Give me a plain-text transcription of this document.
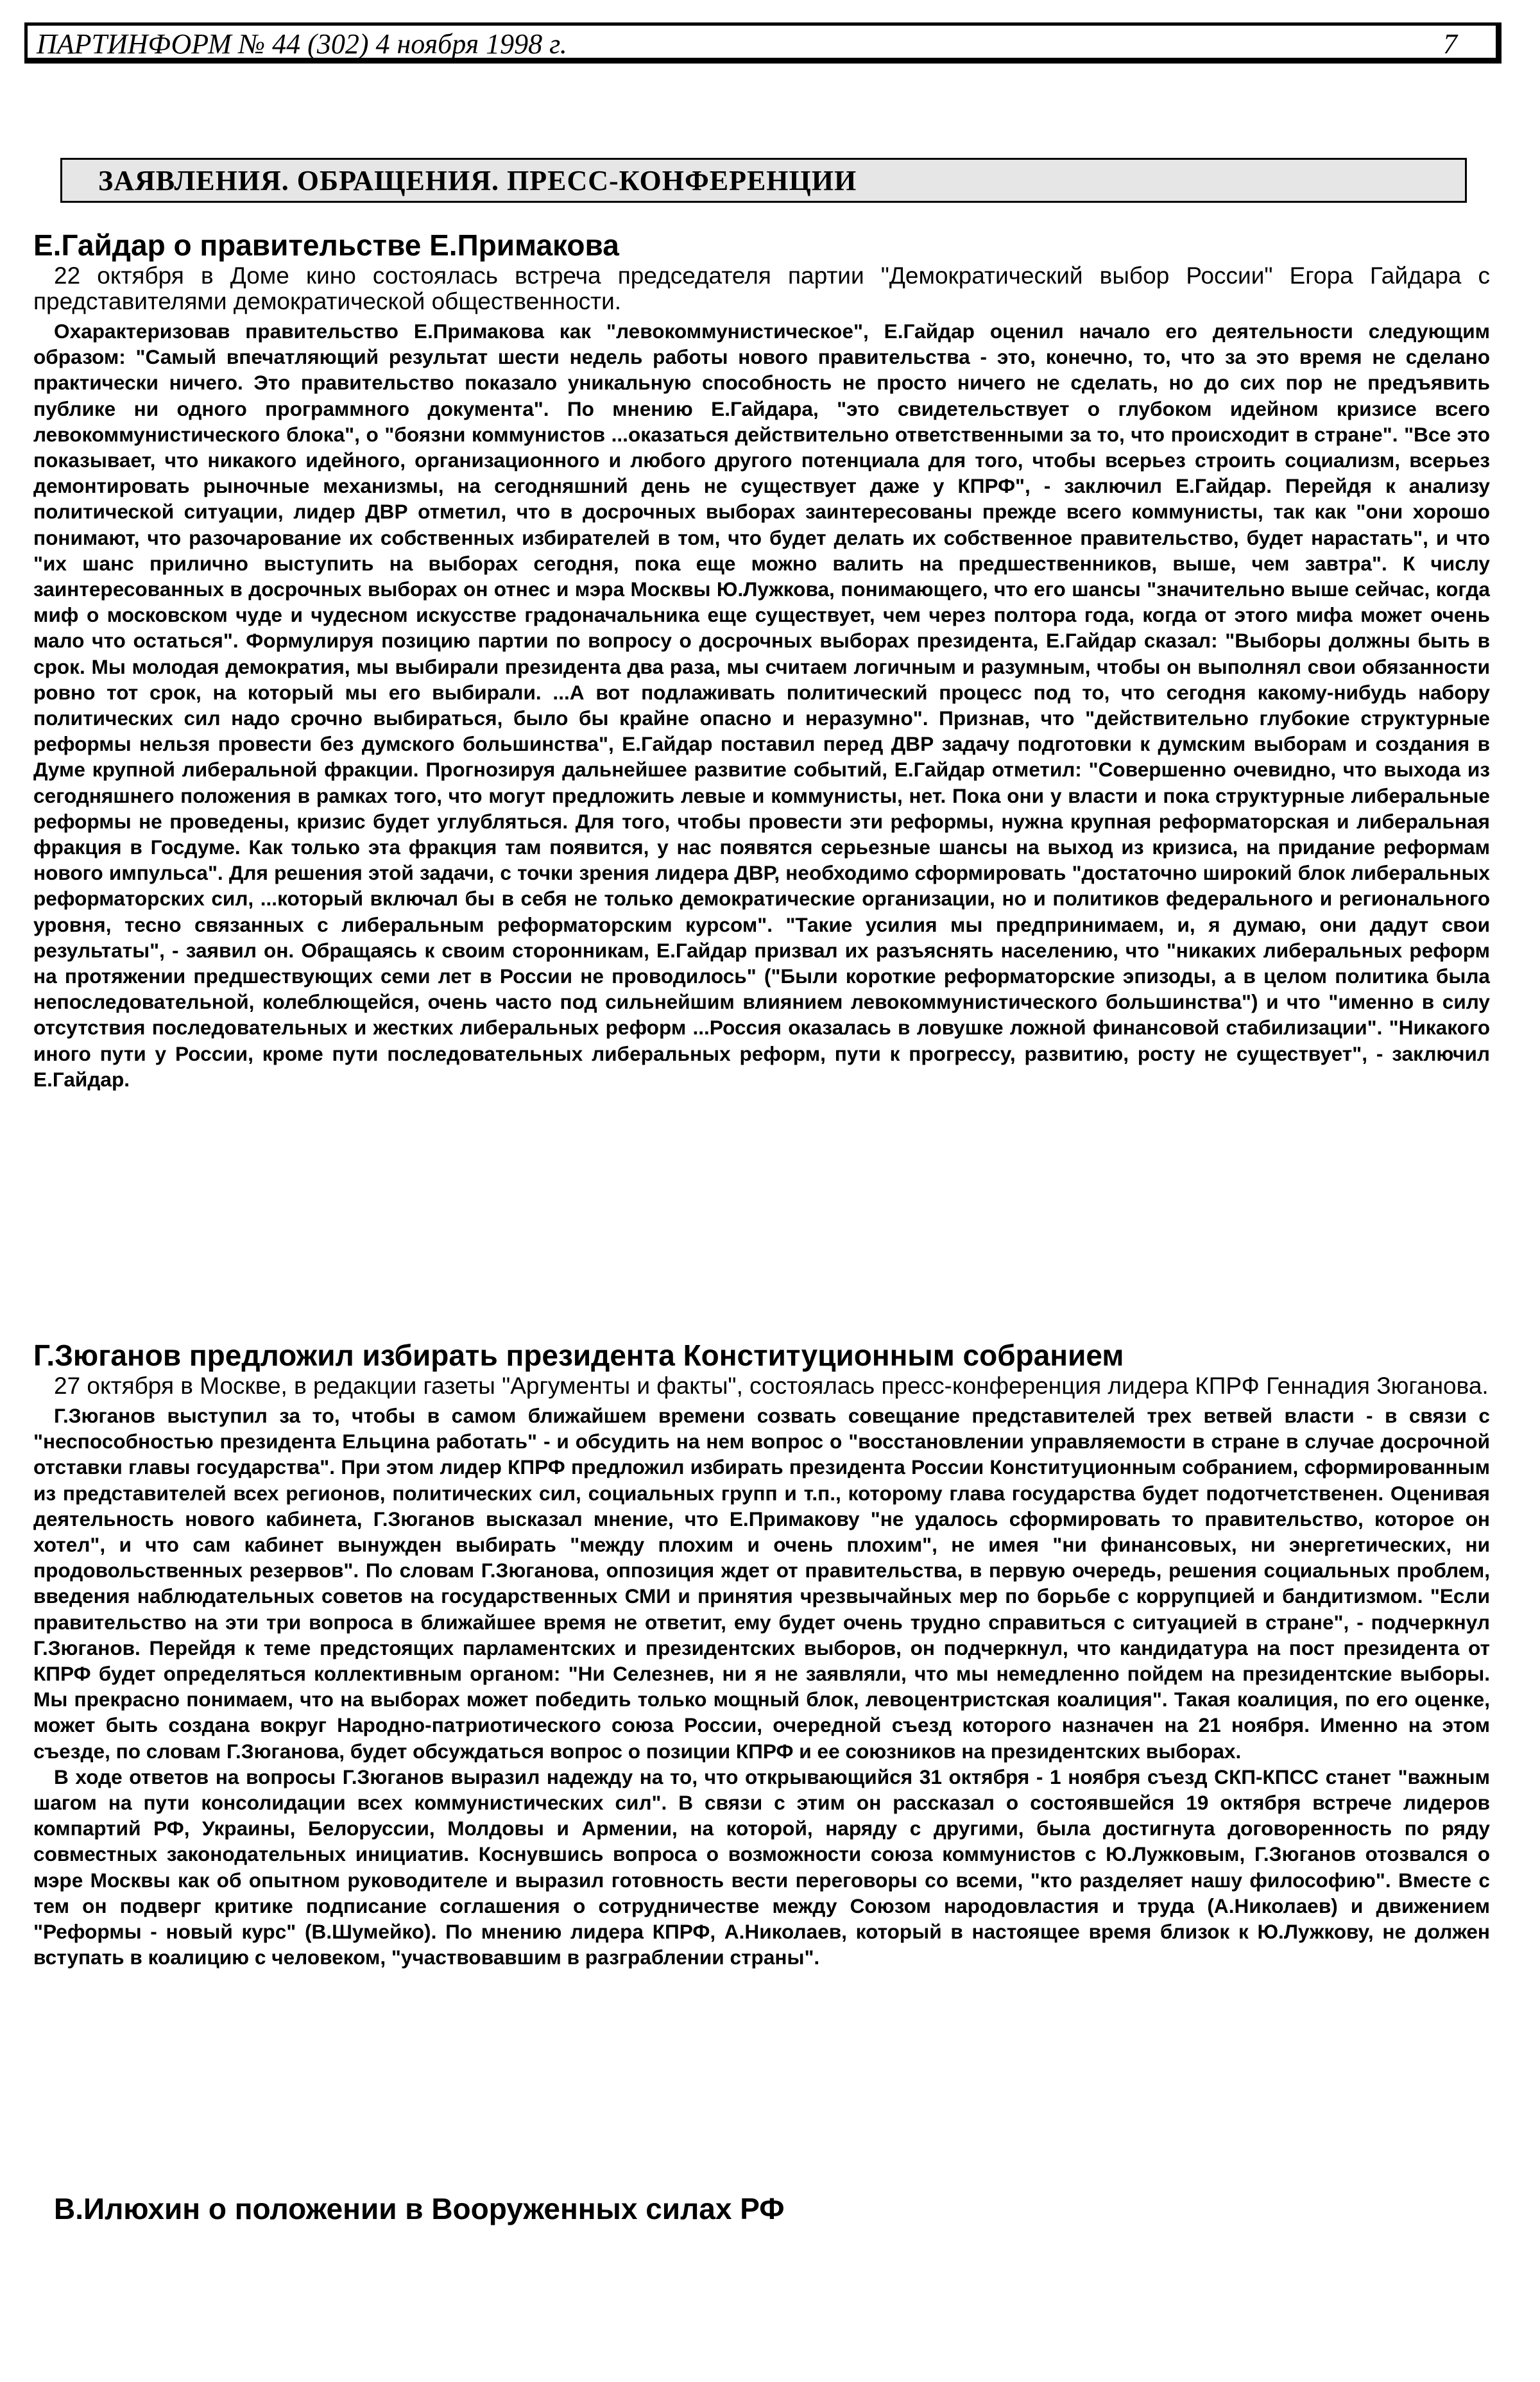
ПАРТИНФОРМ № 44 (302) 4 ноября 1998 г.	7
ЗАЯВЛЕНИЯ. ОБРАЩЕНИЯ. ПРЕСС-КОНФЕРЕНЦИИ
Е.Гайдар о правительстве Е.Примакова

22 октября в Доме кино состоялась встреча председателя партии "Демократический выбор России" Егора Гайдара с представителями демократической общественности.

Охарактеризовав правительство Е.Примакова как "левокоммунистическое", Е.Гайдар оценил начало его деятельности следующим образом: "Самый впечатляющий результат шести недель работы нового правительства - это, конечно, то, что за это время не сделано практически ничего. Это правительство показало уникальную способность не просто ничего не сделать, но до сих пор не предъявить публике ни одного программного документа". По мнению Е.Гайдара, "это свидетельствует о глубоком идейном кризисе всего левокоммунистического блока", о "боязни коммунистов ...оказаться действительно ответственными за то, что происходит в стране". "Все это показывает, что никакого идейного, организационного и любого другого потенциала для того, чтобы всерьез строить социализм, всерьез демонтировать рыночные механизмы, на сегодняшний день не существует даже у КПРФ", - заключил Е.Гайдар. Перейдя к анализу политической ситуации, лидер ДВР отметил, что в досрочных выборах заинтересованы прежде всего коммунисты, так как "они хорошо понимают, что разочарование их собственных избирателей в том, что будет делать их собственное правительство, будет нарастать", и что "их шанс прилично выступить на выборах сегодня, пока еще можно валить на предшественников, выше, чем завтра". К числу заинтересованных в досрочных выборах он отнес и мэра Москвы Ю.Лужкова, понимающего, что его шансы "значительно выше сейчас, когда миф о московском чуде и чудесном искусстве градоначальника еще существует, чем через полтора года, когда от этого мифа может очень мало что остаться". Формулируя позицию партии по вопросу о досрочных выборах президента, Е.Гайдар сказал: "Выборы должны быть в срок. Мы молодая демократия, мы выбирали президента два раза, мы считаем логичным и разумным, чтобы он выполнял свои обязанности ровно тот срок, на который мы его выбирали. ...А вот подлаживать политический процесс под то, что сегодня какому-нибудь набору политических сил надо срочно выбираться, было бы крайне опасно и неразумно". Признав, что "действительно глубокие структурные реформы нельзя провести без думского большинства", Е.Гайдар поставил перед ДВР задачу подготовки к думским выборам и создания в Думе крупной либеральной фракции. Прогнозируя дальнейшее развитие событий, Е.Гайдар отметил: "Совершенно очевидно, что выхода из сегодняшнего положения в рамках того, что могут предложить левые и коммунисты, нет. Пока они у власти и пока структурные либеральные реформы не проведены, кризис будет углубляться. Для того, чтобы провести эти реформы, нужна крупная реформаторская и либеральная фракция в Госдуме. Как только эта фракция там появится, у нас появятся серьезные шансы на выход из кризиса, на придание реформам нового импульса". Для решения этой задачи, с точки зрения лидера ДВР, необходимо сформировать "достаточно широкий блок либеральных реформаторских сил, ...который включал бы в себя не только демократические организации, но и политиков федерального и регионального уровня, тесно связанных с либеральным реформаторским курсом". "Такие усилия мы предпринимаем, и, я думаю, они дадут свои результаты", - заявил он. Обращаясь к своим сторонникам, Е.Гайдар призвал их разъяснять населению, что "никаких либеральных реформ на протяжении предшествующих семи лет в России не проводилось" ("Были короткие реформаторские эпизоды, а в целом политика была непоследовательной, колеблющейся, очень часто под сильнейшим влиянием левокоммунистического большинства") и что "именно в силу отсутствия последовательных и жестких либеральных реформ ...Россия оказалась в ловушке ложной финансовой стабилизации". "Никакого иного пути у России, кроме пути последовательных либеральных реформ, пути к прогрессу, развитию, росту не существует", - заключил Е.Гайдар.

Г.Зюганов предложил избирать президента Конституционным собранием

27 октября в Москве, в редакции газеты "Аргументы и факты", состоялась пресс-конференция лидера КПРФ Геннадия Зюганова.

Г.Зюганов выступил за то, чтобы в самом ближайшем времени созвать совещание представителей трех ветвей власти - в связи с "неспособностью президента Ельцина работать" - и обсудить на нем вопрос о "восстановлении управляемости в стране в случае досрочной отставки главы государства". При этом лидер КПРФ предложил избирать президента России Конституционным собранием, сформированным из представителей всех регионов, политических сил, социальных групп и т.п., которому глава государства будет подотчетственен. Оценивая деятельность нового кабинета, Г.Зюганов высказал мнение, что Е.Примакову "не удалось сформировать то правительство, которое он хотел", и что сам кабинет вынужден выбирать "между плохим и очень плохим", не имея "ни финансовых, ни энергетических, ни продовольственных резервов". По словам Г.Зюганова, оппозиция ждет от правительства, в первую очередь, решения социальных проблем, введения наблюдательных советов на государственных СМИ и принятия чрезвычайных мер по борьбе с коррупцией и бандитизмом. "Если правительство на эти три вопроса в ближайшее время не ответит, ему будет очень трудно справиться с ситуацией в стране", - подчеркнул Г.Зюганов. Перейдя к теме предстоящих парламентских и президентских выборов, он подчеркнул, что кандидатура на пост президента от КПРФ будет определяться коллективным органом: "Ни Селезнев, ни я не заявляли, что мы немедленно пойдем на президентские выборы. Мы прекрасно понимаем, что на выборах может победить только мощный блок, левоцентристская коалиция". Такая коалиция, по его оценке, может быть создана вокруг Народно-патриотического союза России, очередной съезд которого назначен на 21 ноября. Именно на этом съезде, по словам Г.Зюганова, будет обсуждаться вопрос о позиции КПРФ и ее союзников на президентских выборах.

В ходе ответов на вопросы Г.Зюганов выразил надежду на то, что открывающийся 31 октября - 1 ноября съезд СКП-КПСС станет "важным шагом на пути консолидации всех коммунистических сил". В связи с этим он рассказал о состоявшейся 19 октября встрече лидеров компартий РФ, Украины, Белоруссии, Молдовы и Армении, на которой, наряду с другими, была достигнута договоренность по ряду совместных законодательных инициатив. Коснувшись вопроса о возможности союза коммунистов с Ю.Лужковым, Г.Зюганов отозвался о мэре Москвы как об опытном руководителе и выразил готовность вести переговоры со всеми, "кто разделяет нашу философию". Вместе с тем он подверг критике подписание соглашения о сотрудничестве между Союзом народовластия и труда (А.Николаев) и движением "Реформы - новый курс" (В.Шумейко). По мнению лидера КПРФ, А.Николаев, который в настоящее время близок к Ю.Лужкову, не должен вступать в коалицию с человеком, "участвовавшим в разграблении страны".

В.Илюхин о положении в Вооруженных силах РФ
